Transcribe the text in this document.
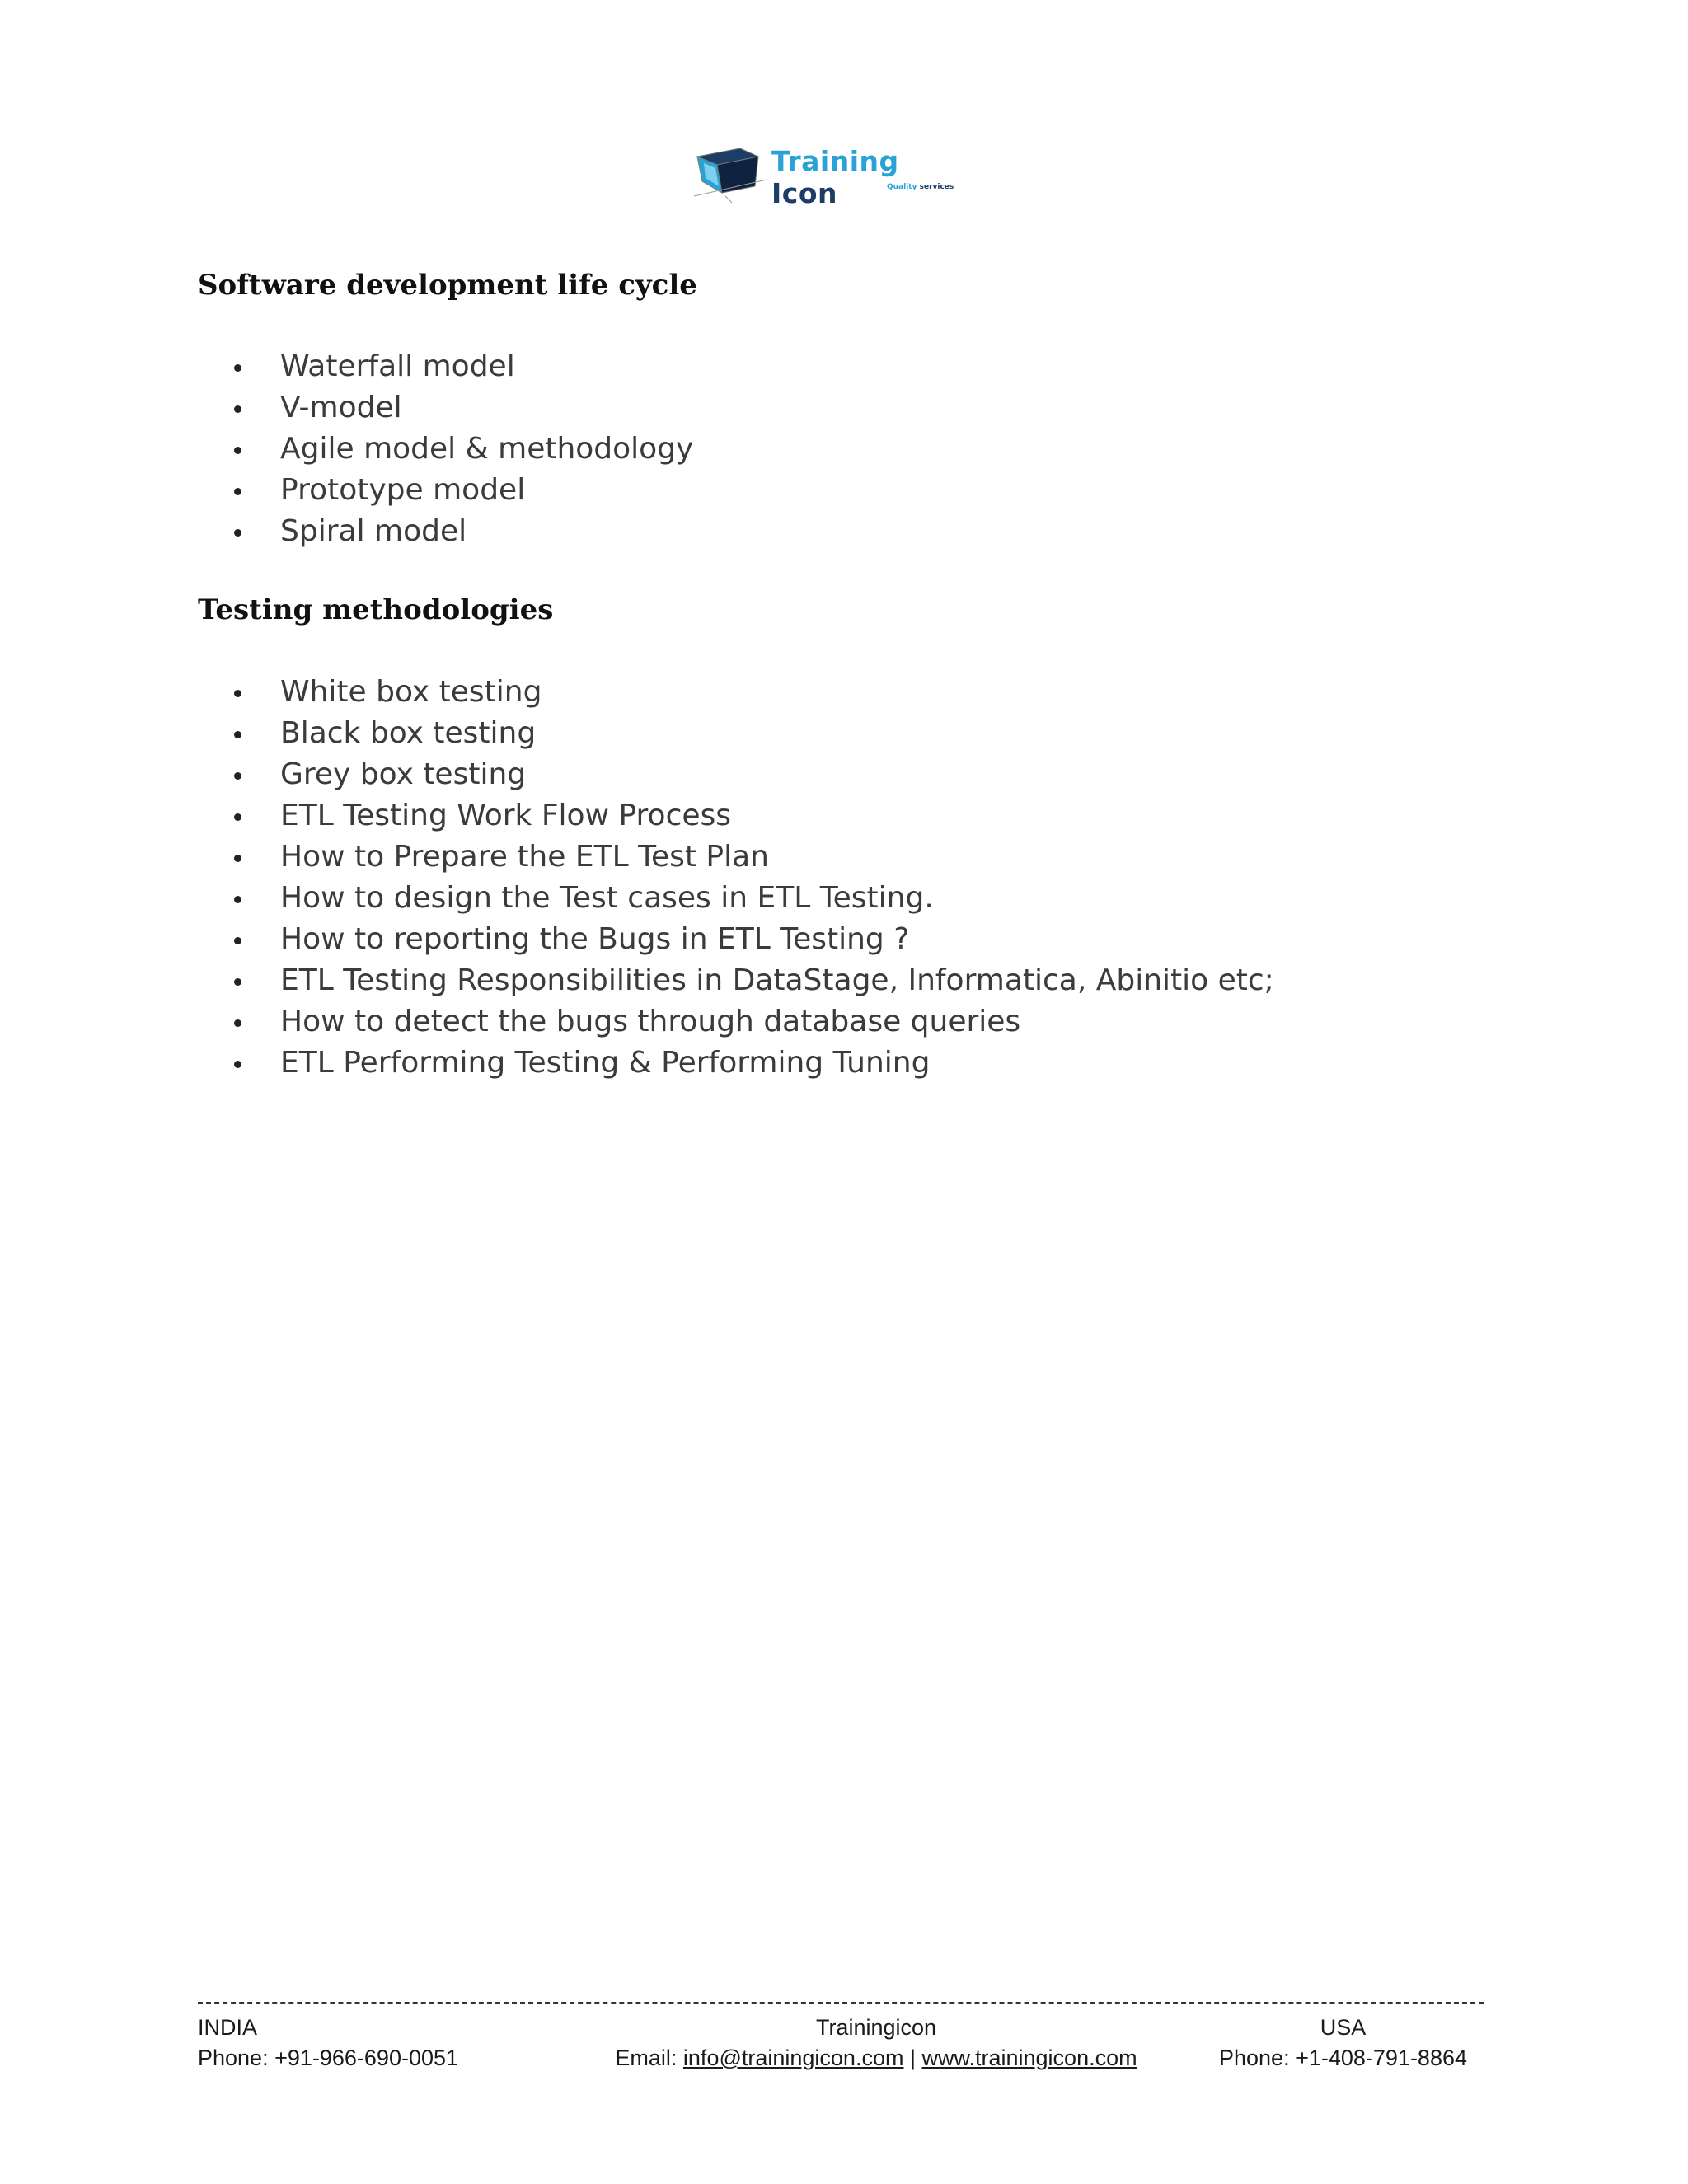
Training Icon	Quality services
Software development life cycle
Waterfall model
V-model
Agile model & methodology
Prototype model
Spiral model
Testing methodologies
White box testing
Black box testing
Grey box testing
ETL Testing Work Flow Process
How to Prepare the ETL Test Plan
How to design the Test cases in ETL Testing.
How to reporting the Bugs in ETL Testing ?
ETL Testing Responsibilities in DataStage, Informatica, Abinitio etc;
How to detect the bugs through database queries
ETL Performing Testing & Performing Tuning
INDIA
Phone: +91-966-690-0051
Trainingicon
Email: info@trainingicon.com | www.trainingicon.com
USA
Phone: +1-408-791-8864
